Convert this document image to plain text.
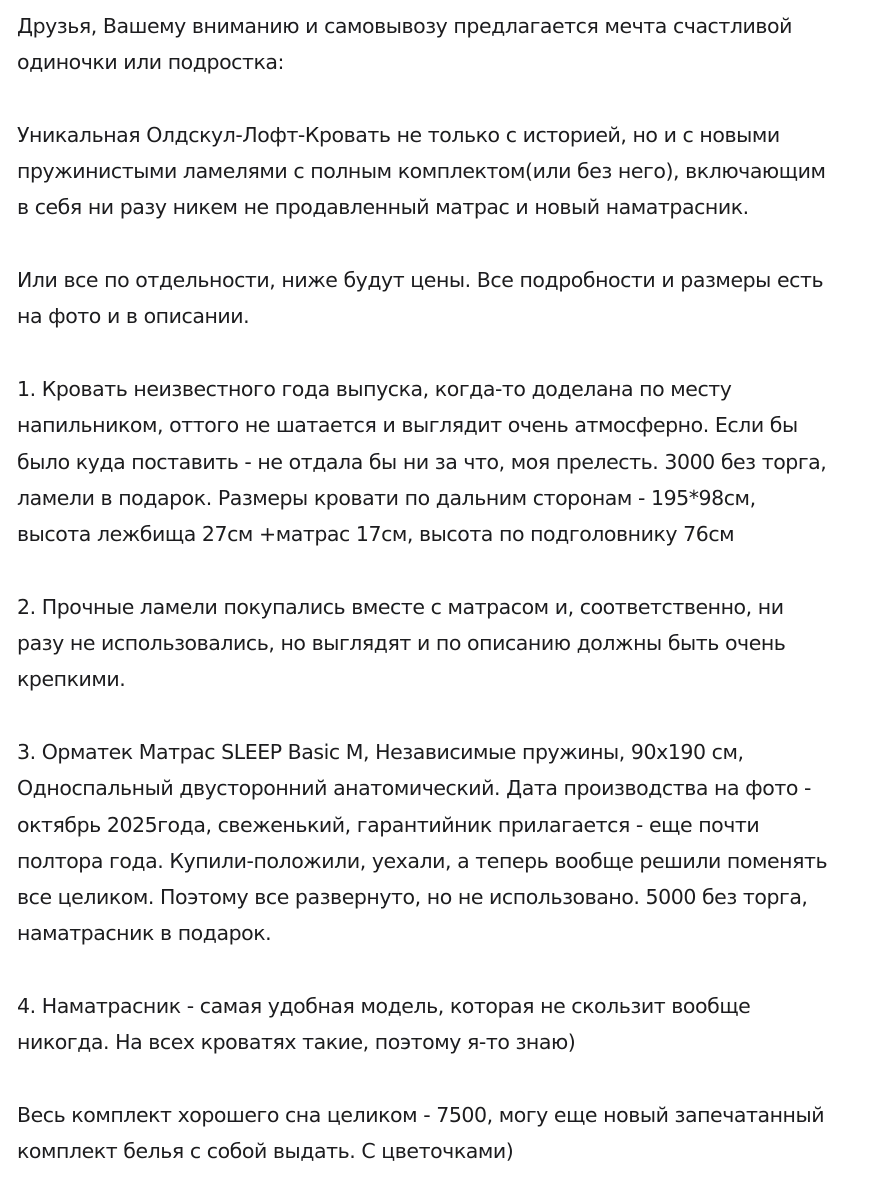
Друзья, Вашему вниманию и самовывозу предлагается мечта счастливой
одиночки или подростка:

Уникальная Олдскул-Лофт-Кровать не только с историей, но и с новыми
пружинистыми ламелями с полным комплектом(или без него), включающим
в себя ни разу никем не продавленный матрас и новый наматрасник.

Или все по отдельности, ниже будут цены. Все подробности и размеры есть
на фото и в описании.

1. Кровать неизвестного года выпуска, когда-то доделана по месту
напильником, оттого не шатается и выглядит очень атмосферно. Если бы
было куда поставить - не отдала бы ни за что, моя прелесть. 3000 без торга,
ламели в подарок. Размеры кровати по дальним сторонам - 195*98см,
высота лежбища 27см +матрас 17см, высота по подголовнику 76см

2. Прочные ламели покупались вместе с матрасом и, соответственно, ни
разу не использовались, но выглядят и по описанию должны быть очень
крепкими.

3. Орматек Матрас SLEEP Basic M, Независимые пружины, 90x190 см,
Односпальный двусторонний анатомический. Дата производства на фото -
октябрь 2025года, свеженький, гарантийник прилагается - еще почти
полтора года. Купили-положили, уехали, а теперь вообще решили поменять
все целиком. Поэтому все развернуто, но не использовано. 5000 без торга,
наматрасник в подарок.

4. Наматрасник - самая удобная модель, которая не скользит вообще
никогда. На всех кроватях такие, поэтому я-то знаю)

Весь комплект хорошего сна целиком - 7500, могу еще новый запечатанный
комплект белья с собой выдать. С цветочками)
